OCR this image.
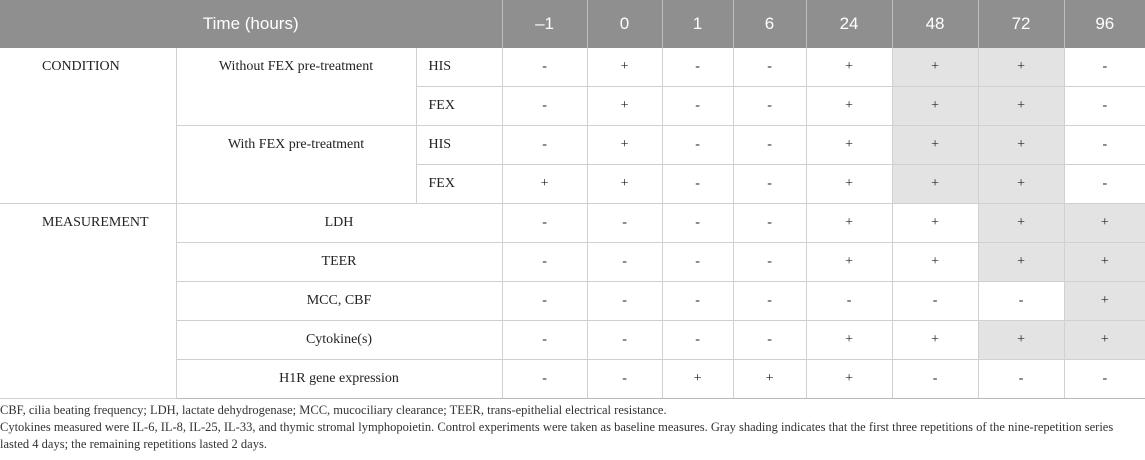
Time (hours)			–1	0	1	6	24	48	72	96
CONDITION	Without FEX pre-treatment	HIS	-	+	-	-	+	+	+	-
		FEX	-	+	-	-	+	+	+	-
	With FEX pre-treatment	HIS	-	+	-	-	+	+	+	-
		FEX	+	+	-	-	+	+	+	-
MEASUREMENT	LDH		-	-	-	-	+	+	+	+
	TEER		-	-	-	-	+	+	+	+
	MCC, CBF		-	-	-	-	-	-	-	+
	Cytokine(s)		-	-	-	-	+	+	+	+
	H1R gene expression		-	-	+	+	+	-	-	-

CBF, cilia beating frequency; LDH, lactate dehydrogenase; MCC, mucociliary clearance; TEER, trans-epithelial electrical resistance.

Cytokines measured were IL-6, IL-8, IL-25, IL-33, and thymic stromal lymphopoietin. Control experiments were taken as baseline measures. Gray shading indicates that the first three repetitions of the nine-repetition series lasted 4 days; the remaining repetitions lasted 2 days.
